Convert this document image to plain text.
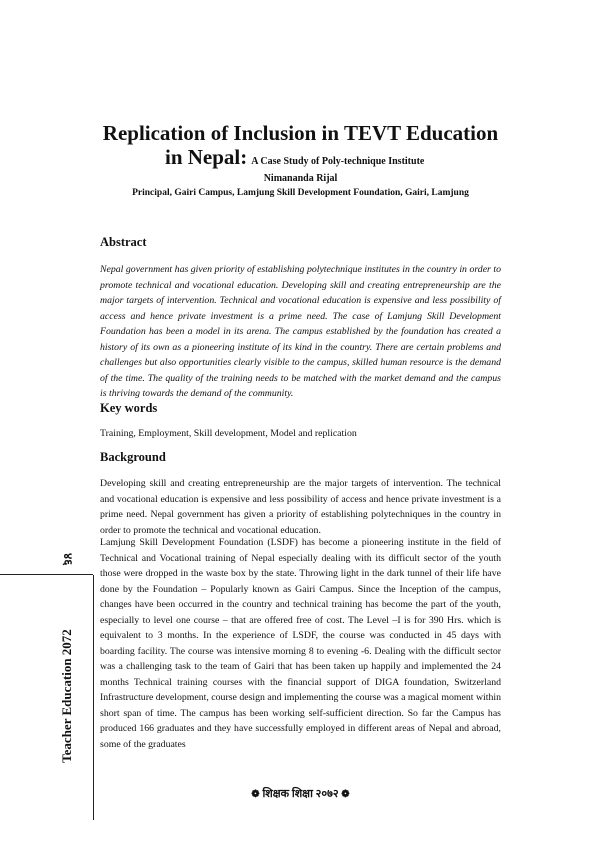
Replication of Inclusion in TEVT Education
in Nepal: A Case Study of Poly-technique Institute
Nimananda Rijal
Principal, Gairi Campus, Lamjung Skill Development Foundation, Gairi, Lamjung
Abstract

Nepal government has given priority of establishing polytechnique institutes in the country in order to promote technical and vocational education. Developing skill and creating entrepreneurship are the major targets of intervention. Technical and vocational education is expensive and less possibility of access and hence private investment is a prime need. The case of Lamjung Skill Development Foundation has been a model in its arena. The campus established by the foundation has created a history of its own as a pioneering institute of its kind in the country. There are certain problems and challenges but also opportunities clearly visible to the campus, skilled human resource is the demand of the time. The quality of the training needs to be matched with the market demand and the campus is thriving towards the demand of the community.

Key words

Training, Employment, Skill development, Model and replication

Background

Developing skill and creating entrepreneurship are the major targets of intervention. The technical and vocational education is expensive and less possibility of access and hence private investment is a prime need. Nepal government has given a priority of establishing polytechniques in the country in order to promote the technical and vocational education.

Lamjung Skill Development Foundation (LSDF) has become a pioneering institute in the field of Technical and Vocational training of Nepal especially dealing with its difficult sector of the youth those were dropped in the waste box by the state. Throwing light in the dark tunnel of their life have done by the Foundation – Popularly known as Gairi Campus. Since the Inception of the campus, changes have been occurred in the country and technical training has become the part of the youth, especially to level one course – that are offered free of cost. The Level –I is for 390 Hrs. which is equivalent to 3 months. In the experience of LSDF, the course was conducted in 45 days with boarding facility. The course was intensive morning 8 to evening -6. Dealing with the difficult sector was a challenging task to the team of Gairi that has been taken up happily and implemented the 24 months Technical training courses with the financial support of DIGA foundation, Switzerland Infrastructure development, course design and implementing the course was a magical moment within short span of time. The campus has been working self-sufficient direction. So far the Campus has produced 166 graduates and they have successfully employed in different areas of Nepal and abroad, some of the graduates

४६
Teacher Education 2072
❁ शिक्षक शिक्षा २०७२ ❁
